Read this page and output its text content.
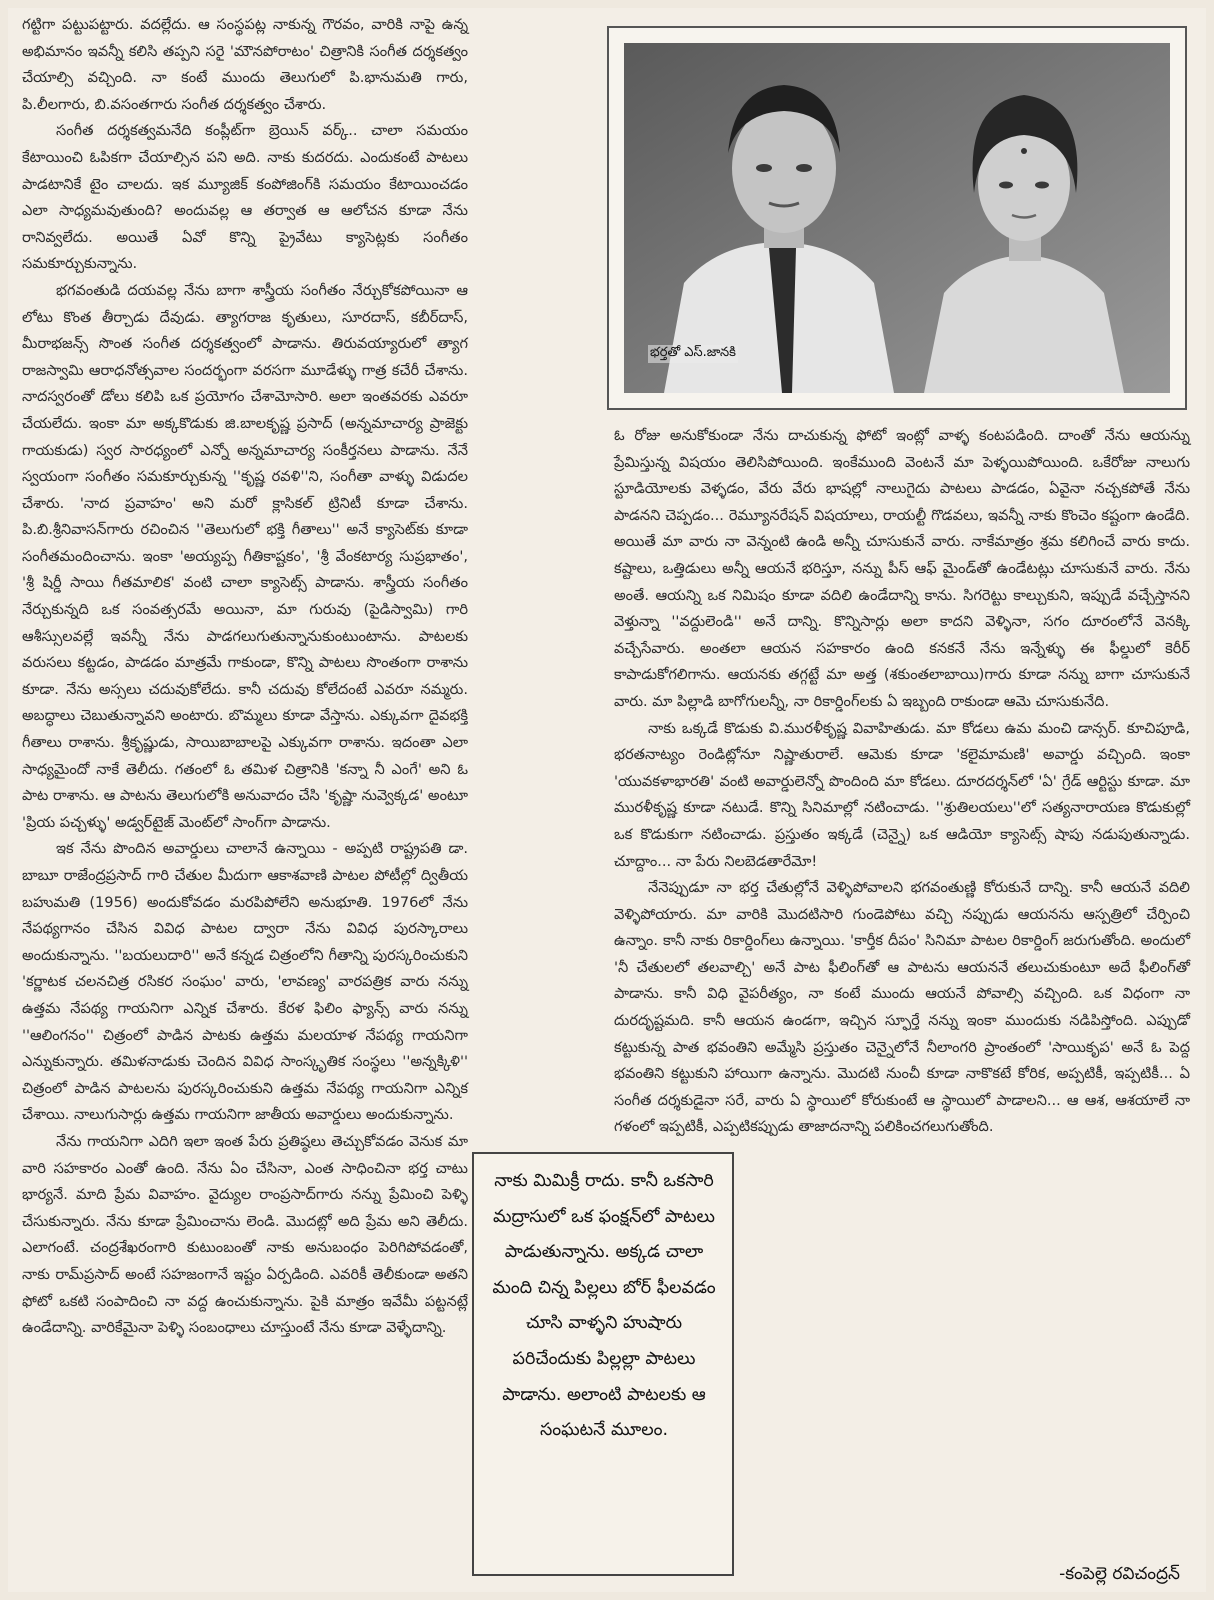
గట్టిగా పట్టుపట్టారు. వదల్లేదు. ఆ సంస్థపట్ల నాకున్న గౌరవం, వారికి నాపై ఉన్న అభిమానం ఇవన్నీ కలిసి తప్పని సరై 'మౌనపోరాటం' చిత్రానికి సంగీత దర్శకత్వం చేయాల్సి వచ్చింది. నా కంటే ముందు తెలుగులో పి.భానుమతి గారు, పి.లీలగారు, బి.వసంతగారు సంగీత దర్శకత్వం చేశారు.

సంగీత దర్శకత్వమనేది కంప్లీట్‌గా బ్రెయిన్ వర్క్.. చాలా సమయం కేటాయించి ఓపికగా చేయాల్సిన పని అది. నాకు కుదరదు. ఎందుకంటే పాటలు పాడటానికే టైం చాలదు. ఇక మ్యూజిక్ కంపోజింగ్‌కి సమయం కేటాయించడం ఎలా సాధ్యమవుతుంది? అందువల్ల ఆ తర్వాత ఆ ఆలోచన కూడా నేను రానివ్వలేదు. అయితే ఏవో కొన్ని ప్రైవేటు క్యాసెట్లకు సంగీతం సమకూర్చుకున్నాను.

భగవంతుడి దయవల్ల నేను బాగా శాస్త్రీయ సంగీతం నేర్చుకోకపోయినా ఆ లోటు కొంత తీర్చాడు దేవుడు. త్యాగరాజ కృతులు, సూరదాస్, కబీర్‌దాస్, మీరాభజన్స్ సొంత సంగీత దర్శకత్వంలో పాడాను. తిరువయ్యారులో త్యాగ రాజస్వామి ఆరాధనోత్సవాల సందర్భంగా వరసగా మూడేళ్ళు గాత్ర కచేరీ చేశాను. నాదస్వరంతో డోలు కలిపి ఒక ప్రయోగం చేశామోసారి. అలా ఇంతవరకు ఎవరూ చేయలేదు. ఇంకా మా అక్కకొడుకు జి.బాలకృష్ణ ప్రసాద్ (అన్నమాచార్య ప్రాజెక్టు గాయకుడు) స్వర సారధ్యంలో ఎన్నో అన్నమాచార్య సంకీర్తనలు పాడాను. నేనే స్వయంగా సంగీతం సమకూర్చుకున్న ''కృష్ణ రవళి''ని, సంగీతా వాళ్ళు విడుదల చేశారు. 'నాద ప్రవాహం' అని మరో క్లాసికల్ ట్రినిటీ కూడా చేశాను. పి.బి.శ్రీనివాసన్‌గారు రచించిన ''తెలుగులో భక్తి గీతాలు'' అనే క్యాసెట్‌కు కూడా సంగీతమందించాను. ఇంకా 'అయ్యప్ప గీతికాష్టకం', 'శ్రీ వేంకటార్య సుప్రభాతం', 'శ్రీ షిర్డీ సాయి గీతమాలిక' వంటి చాలా క్యాసెట్స్ పాడాను. శాస్త్రీయ సంగీతం నేర్చుకున్నది ఒక సంవత్సరమే అయినా, మా గురువు (పైడిస్వామి) గారి ఆశీస్సులవల్లే ఇవన్నీ నేను పాడగలుగుతున్నానుకుంటుంటాను. పాటలకు వరుసలు కట్టడం, పాడడం మాత్రమే గాకుండా, కొన్ని పాటలు సొంతంగా రాశాను కూడా. నేను అస్సలు చదువుకోలేదు. కానీ చదువు కోలేదంటే ఎవరూ నమ్మరు. అబద్ధాలు చెబుతున్నావని అంటారు. బొమ్మలు కూడా వేస్తాను. ఎక్కువగా దైవభక్తి గీతాలు రాశాను. శ్రీకృష్ణుడు, సాయిబాబాలపై ఎక్కువగా రాశాను. ఇదంతా ఎలా సాధ్యమైందో నాకే తెలీదు. గతంలో ఓ తమిళ చిత్రానికి 'కన్నా నీ ఎంగే' అని ఓ పాట రాశాను. ఆ పాటను తెలుగులోకి అనువాదం చేసి 'కృష్ణా నువ్వెక్కడ' అంటూ 'ప్రియ పచ్చళ్ళు' అడ్వర్‌టైజ్ మెంట్‌లో సాంగ్‌గా పాడాను.

ఇక నేను పొందిన అవార్డులు చాలానే ఉన్నాయి - అప్పటి రాష్ట్రపతి డా. బాబూ రాజేంద్రప్రసాద్ గారి చేతుల మీదుగా ఆకాశవాణి పాటల పోటీల్లో ద్వితీయ బహుమతి (1956) అందుకోవడం మరపిపోలేని అనుభూతి. 1976లో నేను నేపథ్యగానం చేసిన వివిధ పాటల ద్వారా నేను వివిధ పురస్కారాలు అందుకున్నాను. ''బయలుదారి'' అనే కన్నడ చిత్రంలోని గీతాన్ని పురస్కరించుకుని 'కర్ణాటక చలనచిత్ర రసికర సంఘం' వారు, 'లావణ్య' వారపత్రిక వారు నన్ను ఉత్తమ నేపథ్య గాయనిగా ఎన్నిక చేశారు. కేరళ ఫిలిం ఫ్యాన్స్ వారు నన్ను ''ఆలింగనం'' చిత్రంలో పాడిన పాటకు ఉత్తమ మలయాళ నేపథ్య గాయనిగా ఎన్నుకున్నారు. తమిళనాడుకు చెందిన వివిధ సాంస్కృతిక సంస్థలు ''అన్నక్కిళి'' చిత్రంలో పాడిన పాటలను పురస్కరించుకుని ఉత్తమ నేపథ్య గాయనిగా ఎన్నిక చేశాయి. నాలుగుసార్లు ఉత్తమ గాయనిగా జాతీయ అవార్డులు అందుకున్నాను.

నేను గాయనిగా ఎదిగి ఇలా ఇంత పేరు ప్రతిష్ఠలు తెచ్చుకోవడం వెనుక మా వారి సహకారం ఎంతో ఉంది. నేను ఏం చేసినా, ఎంత సాధించినా భర్త చాటు భార్యనే. మాది ప్రేమ వివాహం. వైద్యుల రాంప్రసాద్‌గారు నన్ను ప్రేమించి పెళ్ళి చేసుకున్నారు. నేను కూడా ప్రేమించాను లెండి. మొదట్లో అది ప్రేమ అని తెలీదు. ఎలాగంటే. చంద్రశేఖరంగారి కుటుంబంతో నాకు అనుబంధం పెరిగిపోవడంతో, నాకు రామ్‌ప్రసాద్ అంటే సహజంగానే ఇష్టం ఏర్పడింది. ఎవరికీ తెలీకుండా అతని ఫోటో ఒకటి సంపాదించి నా వద్ద ఉంచుకున్నాను. పైకి మాత్రం ఇవేమీ పట్టనట్లే ఉండేదాన్ని. వారికేమైనా పెళ్ళి సంబంధాలు చూస్తుంటే నేను కూడా వెళ్ళేదాన్ని.

భర్తతో ఎస్.జానకి

ఓ రోజు అనుకోకుండా నేను దాచుకున్న ఫోటో ఇంట్లో వాళ్ళ కంటపడింది. దాంతో నేను ఆయన్ను ప్రేమిస్తున్న విషయం తెలిసిపోయింది. ఇంకేముంది వెంటనే మా పెళ్ళయిపోయింది. ఒకేరోజు నాలుగు స్టూడియోలకు వెళ్ళడం, వేరు వేరు భాషల్లో నాలుగైదు పాటలు పాడడం, ఏవైనా నచ్చకపోతే నేను పాడనని చెప్పడం... రెమ్యూనరేషన్ విషయాలు, రాయల్టీ గొడవలు, ఇవన్నీ నాకు కొంచెం కష్టంగా ఉండేది. అయితే మా వారు నా వెన్నంటి ఉండి అన్నీ చూసుకునే వారు. నాకేమాత్రం శ్రమ కలిగించే వారు కాదు. కష్టాలు, ఒత్తిడులు అన్నీ ఆయనే భరిస్తూ, నన్ను పీస్ ఆఫ్ మైండ్‌తో ఉండేటట్లు చూసుకునే వారు. నేను అంతే. ఆయన్ని ఒక నిమిషం కూడా వదిలి ఉండేదాన్ని కాను. సిగరెట్టు కాల్చుకుని, ఇప్పుడే వచ్చేస్తానని వెళ్తున్నా ''వద్దులెండి'' అనే దాన్ని. కొన్నిసార్లు అలా కాదని వెళ్ళినా, సగం దూరంలోనే వెనక్కి వచ్చేసేవారు. అంతలా ఆయన సహకారం ఉంది కనకనే నేను ఇన్నేళ్ళు ఈ ఫీల్డులో కెరీర్ కాపాడుకోగలిగాను. ఆయనకు తగ్గట్టే మా అత్త (శకుంతలాబాయి)గారు కూడా నన్ను బాగా చూసుకునే వారు. మా పిల్లాడి బాగోగులన్నీ, నా రికార్డింగ్‌లకు ఏ ఇబ్బంది రాకుండా ఆమె చూసుకునేది.

నాకు ఒక్కడే కొడుకు వి.మురళీకృష్ణ వివాహితుడు. మా కోడలు ఉమ మంచి డాన్సర్. కూచిపూడి, భరతనాట్యం రెండిట్లోనూ నిష్ణాతురాలే. ఆమెకు కూడా 'కలైమామణి' అవార్డు వచ్చింది. ఇంకా 'యువకళాభారతి' వంటి అవార్డులెన్నో పొందింది మా కోడలు. దూరదర్శన్‌లో 'ఏ' గ్రేడ్ ఆర్టిస్టు కూడా. మా మురళీకృష్ణ కూడా నటుడే. కొన్ని సినిమాల్లో నటించాడు. ''శ్రుతిలయలు''లో సత్యనారాయణ కొడుకుల్లో ఒక కొడుకుగా నటించాడు. ప్రస్తుతం ఇక్కడే (చెన్నై) ఒక ఆడియో క్యాసెట్స్ షాపు నడుపుతున్నాడు. చూద్దాం... నా పేరు నిలబెడతారేమో!

నేనెప్పుడూ నా భర్త చేతుల్లోనే వెళ్ళిపోవాలని భగవంతుణ్ణి కోరుకునే దాన్ని. కానీ ఆయనే వదిలి వెళ్ళిపోయారు. మా వారికి మొదటిసారి గుండెపోటు వచ్చి నప్పుడు ఆయనను ఆస్పత్రిలో చేర్పించి ఉన్నాం. కానీ నాకు రికార్డింగ్‌లు ఉన్నాయి. 'కార్తీక దీపం' సినిమా పాటల రికార్డింగ్ జరుగుతోంది. అందులో 'నీ చేతులలో తలవాల్చి' అనే పాట ఫీలింగ్‌తో ఆ పాటను ఆయననే తలుచుకుంటూ అదే ఫీలింగ్‌తో పాడాను. కానీ విధి వైపరీత్యం, నా కంటే ముందు ఆయనే పోవాల్సి వచ్చింది. ఒక విధంగా నా దురదృష్టమది. కానీ ఆయన ఉండగా, ఇచ్చిన స్ఫూర్తే నన్ను ఇంకా ముందుకు నడిపిస్తోంది. ఎప్పుడో కట్టుకున్న పాత భవంతిని అమ్మేసి ప్రస్తుతం చెన్నైలోనే నీలాంగరి ప్రాంతంలో 'సాయికృప' అనే ఓ పెద్ద భవంతిని కట్టుకుని హాయిగా ఉన్నాను. మొదటి నుంచీ కూడా నాకొకటే కోరిక, అప్పటికీ, ఇప్పటికీ... ఏ సంగీత దర్శకుడైనా సరే, వారు ఏ స్థాయిలో కోరుకుంటే ఆ స్థాయిలో పాడాలని... ఆ ఆశ, ఆశయాలే నా గళంలో ఇప్పటికీ, ఎప్పటికప్పుడు తాజాదనాన్ని పలికించగలుగుతోంది.

నాకు మిమిక్రీ రాదు. కానీ ఒకసారి మద్రాసులో ఒక ఫంక్షన్‌లో పాటలు పాడుతున్నాను. అక్కడ చాలా మంది చిన్న పిల్లలు బోర్ ఫీలవడం చూసి వాళ్ళని హుషారు పరిచేందుకు పిల్లల్లా పాటలు పాడాను. అలాంటి పాటలకు ఆ సంఘటనే మూలం.
-కంపెల్లె రవిచంద్రన్
